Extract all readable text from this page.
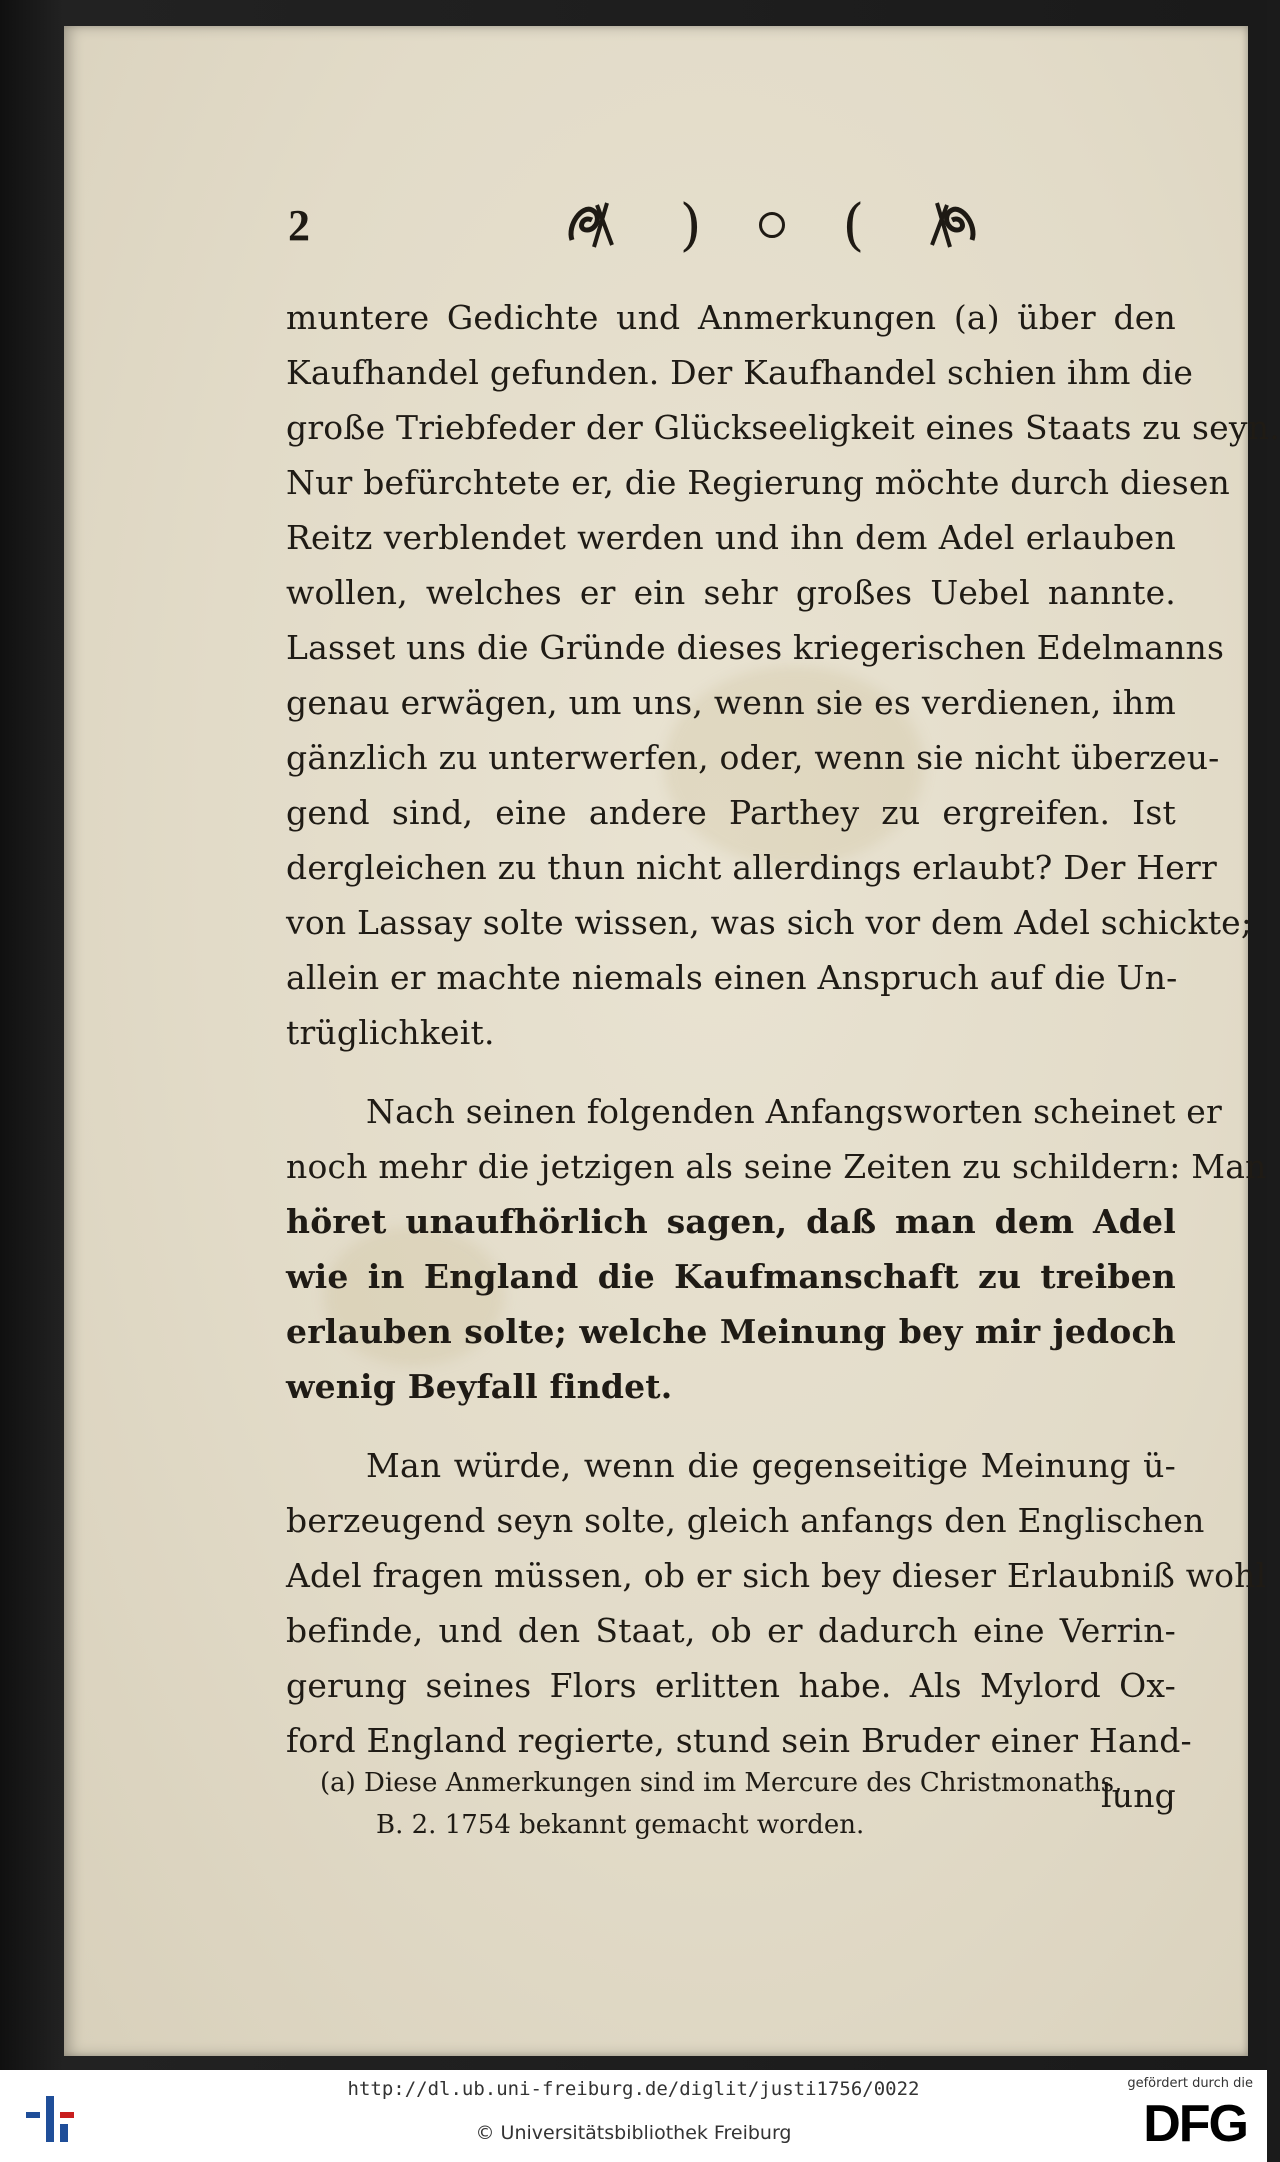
2	)	(
muntere Gedichte und Anmerkungen (a) über den
Kaufhandel gefunden. Der Kaufhandel schien ihm die
große Triebfeder der Glückseeligkeit eines Staats zu seyn.
Nur befürchtete er, die Regierung möchte durch diesen
Reitz verblendet werden und ihn dem Adel erlauben
wollen, welches er ein sehr großes Uebel nannte.
Lasset uns die Gründe dieses kriegerischen Edelmanns
genau erwägen, um uns, wenn sie es verdienen, ihm
gänzlich zu unterwerfen, oder, wenn sie nicht überzeu-
gend sind, eine andere Parthey zu ergreifen. Ist
dergleichen zu thun nicht allerdings erlaubt? Der Herr
von Lassay solte wissen, was sich vor dem Adel schickte;
allein er machte niemals einen Anspruch auf die Un-
trüglichkeit.
Nach seinen folgenden Anfangsworten scheinet er
noch mehr die jetzigen als seine Zeiten zu schildern: Man
höret unaufhörlich sagen, daß man dem Adel
wie in England die Kaufmanschaft zu treiben
erlauben solte; welche Meinung bey mir jedoch
wenig Beyfall findet.
Man würde, wenn die gegenseitige Meinung ü-
berzeugend seyn solte, gleich anfangs den Englischen
Adel fragen müssen, ob er sich bey dieser Erlaubniß wohl
befinde, und den Staat, ob er dadurch eine Verrin-
gerung seines Flors erlitten habe. Als Mylord Ox-
ford England regierte, stund sein Bruder einer Hand-
lung
(a) Diese Anmerkungen sind im Mercure des Christmonaths,
B. 2. 1754 bekannt gemacht worden.
http://dl.ub.uni-freiburg.de/diglit/justi1756/0022
© Universitätsbibliothek Freiburg
gefördert durch die
DFG
